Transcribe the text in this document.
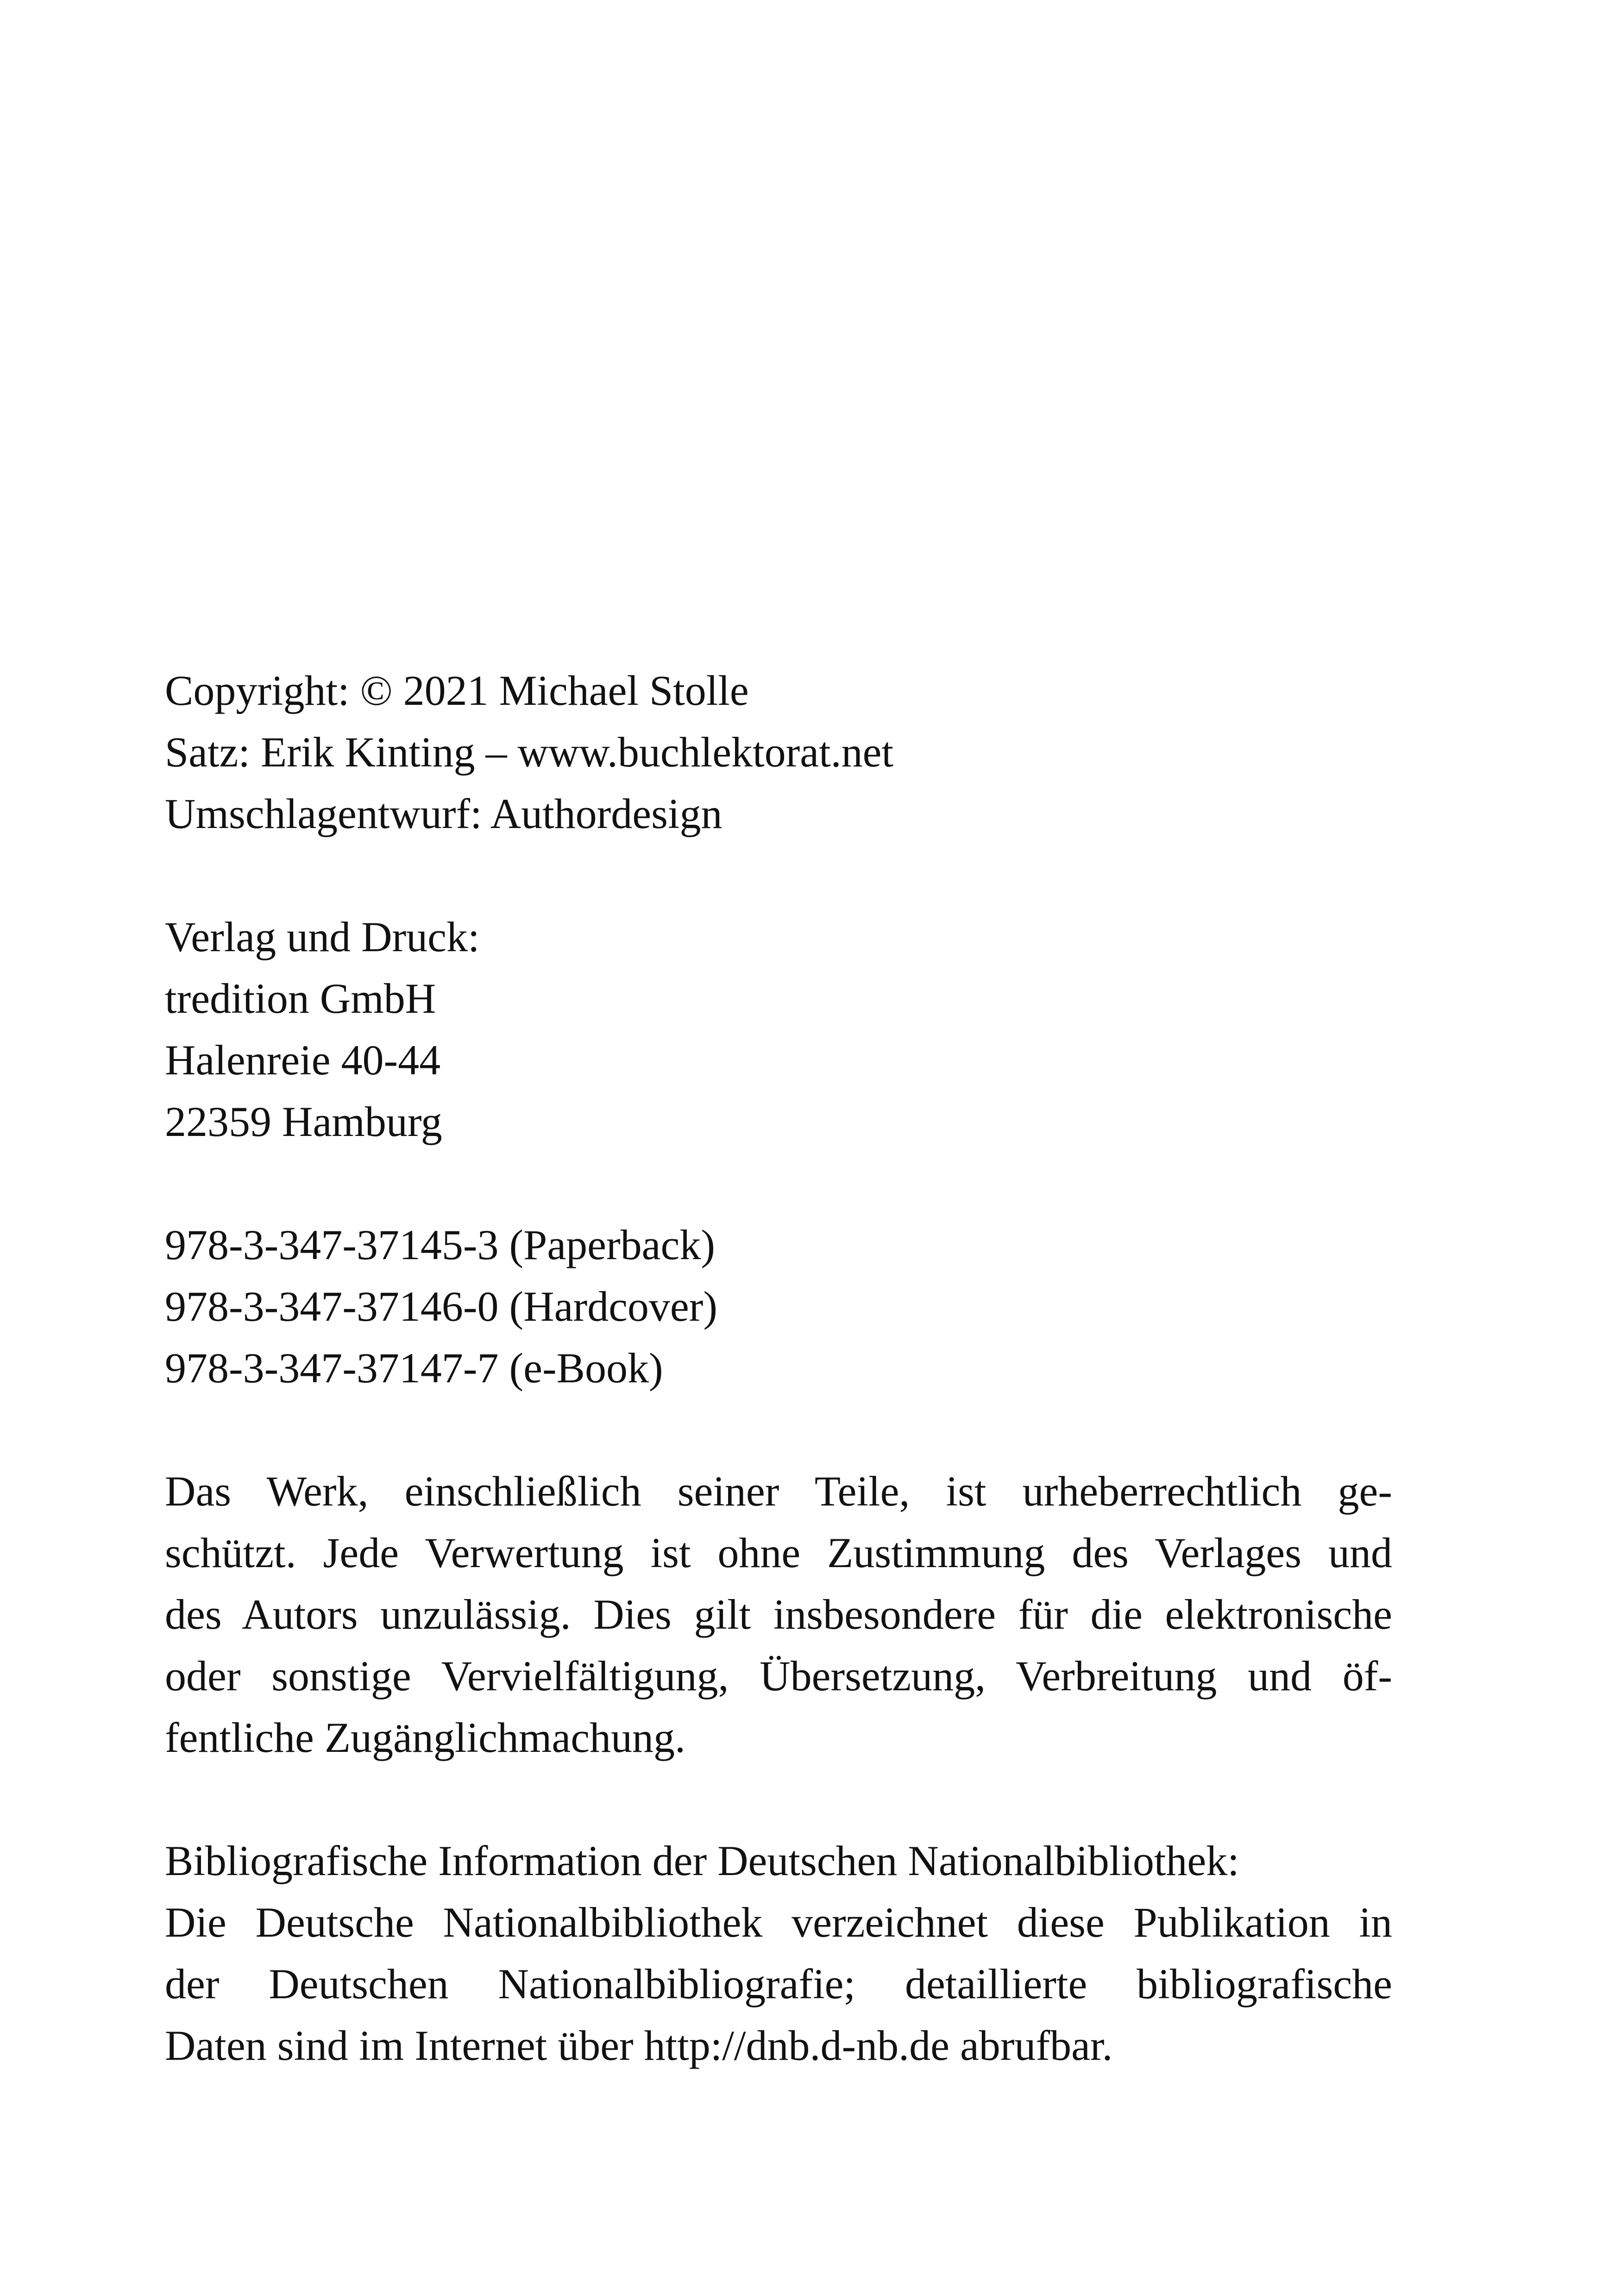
Copyright: © 2021 Michael Stolle
Satz: Erik Kinting – www.buchlektorat.net
Umschlagentwurf: Authordesign
Verlag und Druck:
tredition GmbH
Halenreie 40-44
22359 Hamburg
978-3-347-37145-3 (Paperback)
978-3-347-37146-0 (Hardcover)
978-3-347-37147-7 (e-Book)
Das Werk, einschließlich seiner Teile, ist urheberrechtlich ge-
schützt. Jede Verwertung ist ohne Zustimmung des Verlages und
des Autors unzulässig. Dies gilt insbesondere für die elektronische
oder sonstige Vervielfältigung, Übersetzung, Verbreitung und öf-
fentliche Zugänglichmachung.
Bibliografische Information der Deutschen Nationalbibliothek:
Die Deutsche Nationalbibliothek verzeichnet diese Publikation in
der Deutschen Nationalbibliografie; detaillierte bibliografische
Daten sind im Internet über http://dnb.d-nb.de abrufbar.
